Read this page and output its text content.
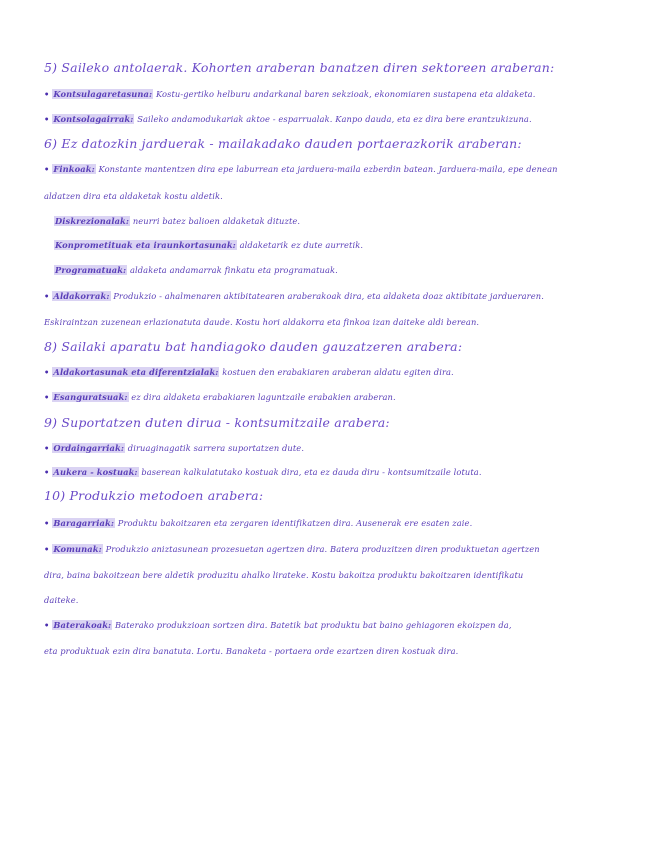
5) Saileko antolaerak. Kohorten araberan banatzen diren sektoreen araberan:
• Kontsulagaretasuna: Kostu-gertiko helburu andarkanal baren sekzioak, ekonomiaren sustapena eta aldaketa.
• Kontsolagairrak: Saileko andamodukariak aktoe - esparrualak. Kanpo dauda, eta ez dira bere erantzukizuna.
6) Ez datozkin jarduerak - mailakadako dauden portaerazkorik araberan:
• Finkoak: Konstante mantentzen dira epe laburrean eta jarduera-maila ezberdin batean. Jarduera-maila, epe denean
aldatzen dira eta aldaketak kostu aldetik.
Diskrezionalak: neurri batez balioen aldaketak dituzte.
Konprometituak eta iraunkortasunak: aldaketarik ez dute aurretik.
Programatuak: aldaketa andamarrak finkatu eta programatuak.
• Aldakorrak: Produkzio - ahalmenaren aktibitatearen araberakoak dira, eta aldaketa doaz aktibitate jardueraren.
Eskiraintzan zuzenean erlazionatuta daude. Kostu hori aldakorra eta finkoa izan daiteke aldi berean.
8) Sailaki aparatu bat handiagoko dauden gauzatzeren arabera:
• Aldakortasunak eta diferentzialak: kostuen den erabakiaren araberan aldatu egiten dira.
• Esanguratsuak: ez dira aldaketa erabakiaren laguntzaile erabakien araberan.
9) Suportatzen duten dirua - kontsumitzaile arabera:
• Ordaingarriak: diruaginagatik sarrera suportatzen dute.
• Aukera - kostuak: baserean kalkulatutako kostuak dira, eta ez dauda diru - kontsumitzaile lotuta.
10) Produkzio metodoen arabera:
• Baragarriak: Produktu bakoitzaren eta zergaren identifikatzen dira. Ausenerak ere esaten zaie.
• Komunak: Produkzio aniztasunean prozesuetan agertzen dira. Batera produzitzen diren produktuetan agertzen
dira, baina bakoitzean bere aldetik produzitu ahalko lirateke. Kostu bakoitza produktu bakoitzaren identifikatu
daiteke.
• Baterakoak: Baterako produkzioan sortzen dira. Batetik bat produktu bat baino gehiagoren ekoizpen da,
eta produktuak ezin dira banatuta. Lortu. Banaketa - portaera orde ezartzen diren kostuak dira.
